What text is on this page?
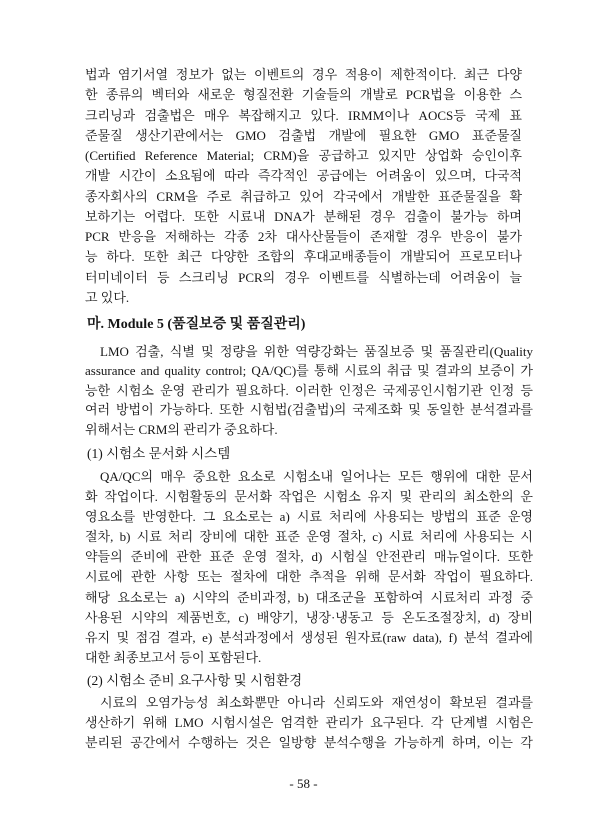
법과 염기서열 정보가 없는 이벤트의 경우 적용이 제한적이다. 최근 다양
한 종류의 벡터와 새로운 형질전환 기술들의 개발로 PCR법을 이용한 스
크리닝과 검출법은 매우 복잡해지고 있다. IRMM이나 AOCS등 국제 표
준물질 생산기관에서는 GMO 검출법 개발에 필요한 GMO 표준물질
(Certified Reference Material; CRM)을 공급하고 있지만 상업화 승인이후
개발 시간이 소요됨에 따라 즉각적인 공급에는 어려움이 있으며, 다국적
종자회사의 CRM을 주로 취급하고 있어 각국에서 개발한 표준물질을 확
보하기는 어렵다. 또한 시료내 DNA가 분해된 경우 검출이 불가능 하며
PCR 반응을 저해하는 각종 2차 대사산물들이 존재할 경우 반응이 불가
능 하다. 또한 최근 다양한 조합의 후대교배종들이 개발되어 프로모터나
터미네이터 등 스크리닝 PCR의 경우 이벤트를 식별하는데 어려움이 늘
고 있다.
마. Module 5 (품질보증 및 품질관리)
LMO 검출, 식별 및 정량을 위한 역량강화는 품질보증 및 품질관리(Quality
assurance and quality control; QA/QC)를 통해 시료의 취급 및 결과의 보증이 가
능한 시험소 운영 관리가 필요하다. 이러한 인정은 국제공인시험기관 인정 등
여러 방법이 가능하다. 또한 시험법(검출법)의 국제조화 및 동일한 분석결과를
위해서는 CRM의 관리가 중요하다.
(1) 시험소 문서화 시스템
QA/QC의 매우 중요한 요소로 시험소내 일어나는 모든 행위에 대한 문서
화 작업이다. 시험활동의 문서화 작업은 시험소 유지 및 관리의 최소한의 운
영요소를 반영한다. 그 요소로는 a) 시료 처리에 사용되는 방법의 표준 운영
절차, b) 시료 처리 장비에 대한 표준 운영 절차, c) 시료 처리에 사용되는 시
약들의 준비에 관한 표준 운영 절차, d) 시험실 안전관리 매뉴얼이다. 또한
시료에 관한 사항 또는 절차에 대한 추적을 위해 문서화 작업이 필요하다.
해당 요소로는 a) 시약의 준비과정, b) 대조군을 포함하여 시료처리 과정 중
사용된 시약의 제품번호, c) 배양기, 냉장·냉동고 등 온도조절장치, d) 장비
유지 및 점검 결과, e) 분석과정에서 생성된 원자료(raw data), f) 분석 결과에
대한 최종보고서 등이 포함된다.
(2) 시험소 준비 요구사항 및 시험환경
시료의 오염가능성 최소화뿐만 아니라 신뢰도와 재연성이 확보된 결과를
생산하기 위해 LMO 시험시설은 엄격한 관리가 요구된다. 각 단계별 시험은
분리된 공간에서 수행하는 것은 일방향 분석수행을 가능하게 하며, 이는 각
- 58 -
